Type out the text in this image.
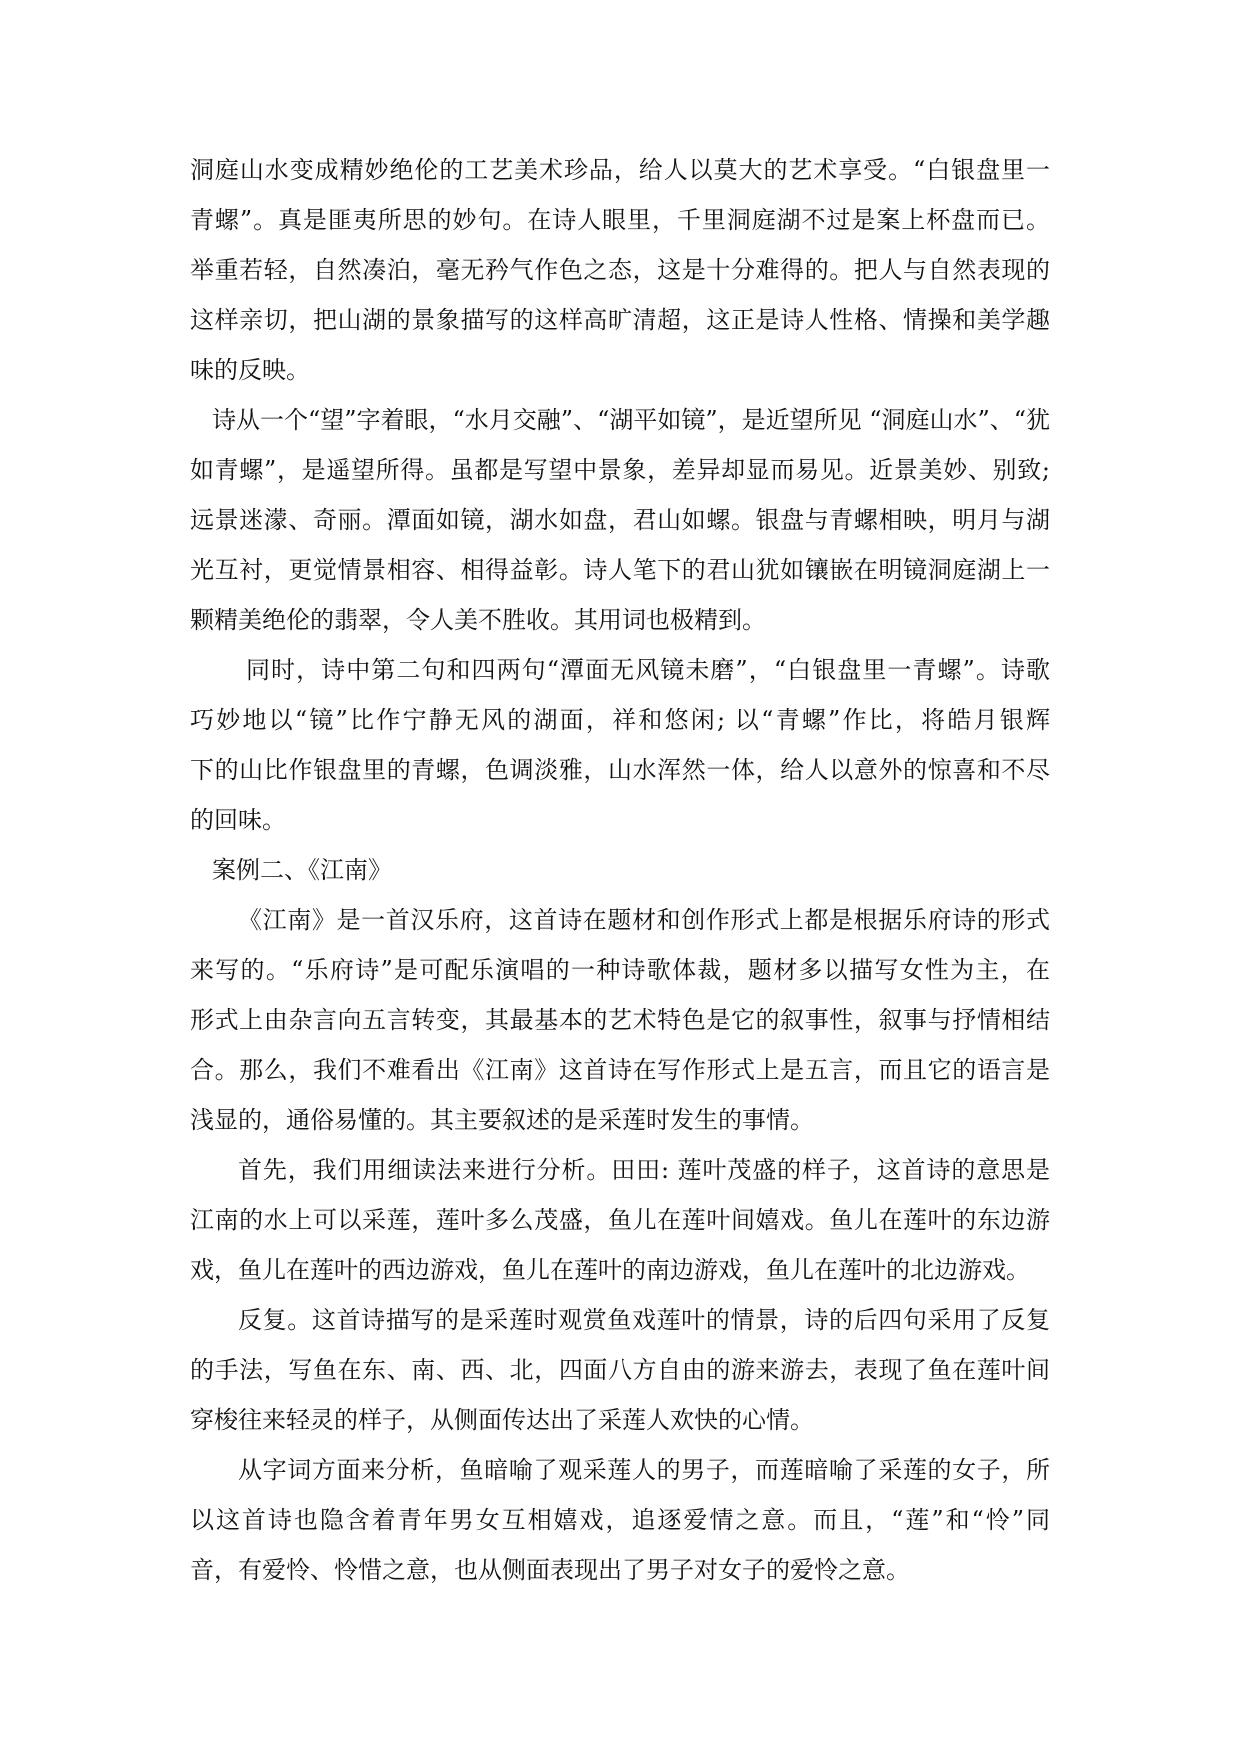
洞庭山水变成精妙绝伦的工艺美术珍品，给人以莫大的艺术享受。“白银盘里一
青螺”。真是匪夷所思的妙句。在诗人眼里，千里洞庭湖不过是案上杯盘而已。
举重若轻，自然凑泊，毫无矜气作色之态，这是十分难得的。把人与自然表现的
这样亲切，把山湖的景象描写的这样高旷清超，这正是诗人性格、情操和美学趣
味的反映。
诗从一个“望”字着眼，“水月交融”、“湖平如镜”，是近望所见 “洞庭山水”、“犹
如青螺”，是遥望所得。虽都是写望中景象，差异却显而易见。近景美妙、别致;
远景迷濛、奇丽。潭面如镜，湖水如盘，君山如螺。银盘与青螺相映，明月与湖
光互衬，更觉情景相容、相得益彰。诗人笔下的君山犹如镶嵌在明镜洞庭湖上一
颗精美绝伦的翡翠，令人美不胜收。其用词也极精到。
同时，诗中第二句和四两句“潭面无风镜未磨”，“白银盘里一青螺”。诗歌
巧妙地以“镜”比作宁静无风的湖面，祥和悠闲; 以“青螺”作比，将皓月银辉
下的山比作银盘里的青螺，色调淡雅，山水浑然一体，给人以意外的惊喜和不尽
的回味。
案例二、《江南》
《江南》是一首汉乐府，这首诗在题材和创作形式上都是根据乐府诗的形式
来写的。“乐府诗”是可配乐演唱的一种诗歌体裁，题材多以描写女性为主，在
形式上由杂言向五言转变，其最基本的艺术特色是它的叙事性，叙事与抒情相结
合。那么，我们不难看出《江南》这首诗在写作形式上是五言，而且它的语言是
浅显的，通俗易懂的。其主要叙述的是采莲时发生的事情。
首先，我们用细读法来进行分析。田田: 莲叶茂盛的样子，这首诗的意思是
江南的水上可以采莲，莲叶多么茂盛，鱼儿在莲叶间嬉戏。鱼儿在莲叶的东边游
戏，鱼儿在莲叶的西边游戏，鱼儿在莲叶的南边游戏，鱼儿在莲叶的北边游戏。
反复。这首诗描写的是采莲时观赏鱼戏莲叶的情景，诗的后四句采用了反复
的手法，写鱼在东、南、西、北，四面八方自由的游来游去，表现了鱼在莲叶间
穿梭往来轻灵的样子，从侧面传达出了采莲人欢快的心情。
从字词方面来分析，鱼暗喻了观采莲人的男子，而莲暗喻了采莲的女子，所
以这首诗也隐含着青年男女互相嬉戏，追逐爱情之意。而且，“莲”和“怜”同
音，有爱怜、怜惜之意，也从侧面表现出了男子对女子的爱怜之意。
